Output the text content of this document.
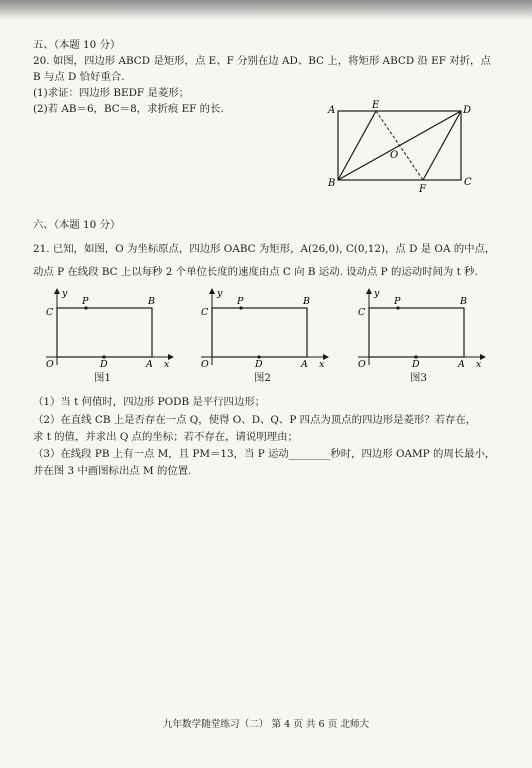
五、（本题 10 分）
20. 如图，四边形 ABCD 是矩形，点 E、F 分别在边 AD、BC 上，将矩形 ABCD 沿 EF 对折，点
B 与点 D 恰好重合.
(1)求证：四边形 BEDF 是菱形；
(2)若 AB＝6，BC＝8，求折痕 EF 的长.	A
B	C
D
E
F
O
六、（本题 10 分）
21. 已知，如图，O 为坐标原点，四边形 OABC 为矩形，A(26,0), C(0,12)，点 D 是 OA 的中点，
动点 P 在线段 BC 上以每秒 2 个单位长度的速度由点 C 向 B 运动. 设动点 P 的运动时间为 t 秒.
y
C
P	B
O	D	A x
图1
y
C
P	B
O	D	A x
图2
y
C
P	B
O	D	A x
图3
（1）当 t 何值时，四边形 PODB 是平行四边形；
（2）在直线 CB 上是否存在一点 Q，使得 O、D、Q、P 四点为顶点的四边形是菱形？若存在，
求 t 的值，并求出 Q 点的坐标；若不存在，请说明理由；
（3）在线段 PB 上有一点 M，且 PM＝13，当 P 运动________秒时，四边形 OAMP 的周长最小，
并在图 3 中画图标出点 M 的位置.
九年数学随堂练习（二） 第 4 页 共 6 页 北师大
